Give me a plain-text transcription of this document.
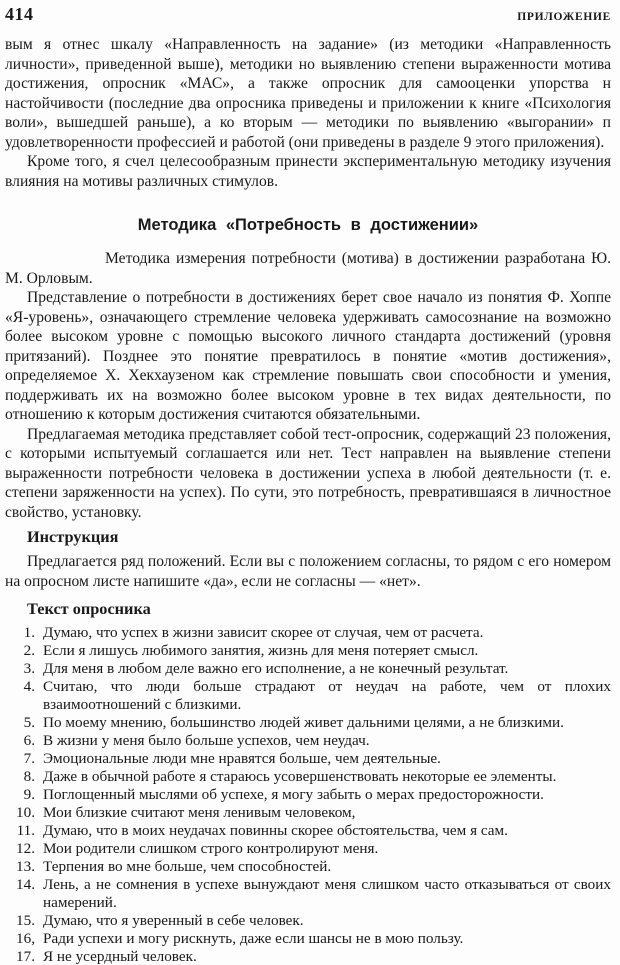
414	ПРИЛОЖЕНИЕ

вым я отнес шкалу «Направленность на задание» (из методики «Направленность личности», приведенной выше), методики но выявлению степени выраженности мотива достижения, опросник «МАС», а также опросник для самооценки упорства н настойчивости (последние два опросника приведены и приложении к книге «Психология воли», вышедшей раньше), а ко вторым — методики по выявлению «выгорании» п удовлетворенности профессией и работой (они приведены в разделе 9 этого приложения).

Кроме того, я счел целесообразным принести экспериментальную методику изучения влияния на мотивы различных стимулов.

Методика «Потребность в достижении»

Методика измерения потребности (мотива) в достижении разработана Ю. М. Орловым.

Представление о потребности в достижениях берет свое начало из понятия Ф. Хоппе «Я-уровень», означающего стремление человека удерживать самосознание на возможно более высоком уровне с помощью высокого личного стандарта достижений (уровня притязаний). Позднее это понятие превратилось в понятие «мотив достижения», определяемое Х. Хекхаузеном как стремление повышать свои способности и умения, поддерживать их на возможно более высоком уровне в тех видах деятельности, по отношению к которым достижения считаются обязательными.

Предлагаемая методика представляет собой тест-опросник, содержащий 23 положения, с которыми испытуемый соглашается или нет. Тест направлен на выявление степени выраженности потребности человека в достижении успеха в любой деятельности (т. е. степени заряженности на успех). По сути, это потребность, превратившаяся в личностное свойство, установку.

Инструкция

Предлагается ряд положений. Если вы с положением согласны, то рядом с его номером на опросном листе напишите «да», если не согласны — «нет».

Текст опросника
1. Думаю, что успех в жизни зависит скорее от случая, чем от расчета.
2. Если я лишусь любимого занятия, жизнь для меня потеряет смысл.
3. Для меня в любом деле важно его исполнение, а не конечный результат.
4. Считаю, что люди больше страдают от неудач на работе, чем от плохих взаимоотношений с близкими.
5. По моему мнению, большинство людей живет дальними целями, а не близкими.
6. В жизни у меня было больше успехов, чем неудач.
7. Эмоциональные люди мне нравятся больше, чем деятельные.
8. Даже в обычной работе я стараюсь усовершенствовать некоторые ее элементы.
9. Поглощенный мыслями об успехе, я могу забыть о мерах предосторожности.
10. Мои близкие считают меня ленивым человеком,
11. Думаю, что в моих неудачах повинны скорее обстоятельства, чем я сам.
12. Мои родители слишком строго контролируют меня.
13. Терпения во мне больше, чем способностей.
14. Лень, а не сомнения в успехе вынуждают меня слишком часто отказываться от своих намерений.
15. Думаю, что я уверенный в себе человек.
16, Ради успехи и могу рискнуть, даже если шансы не в мою пользу.
17. Я не усердный человек.
